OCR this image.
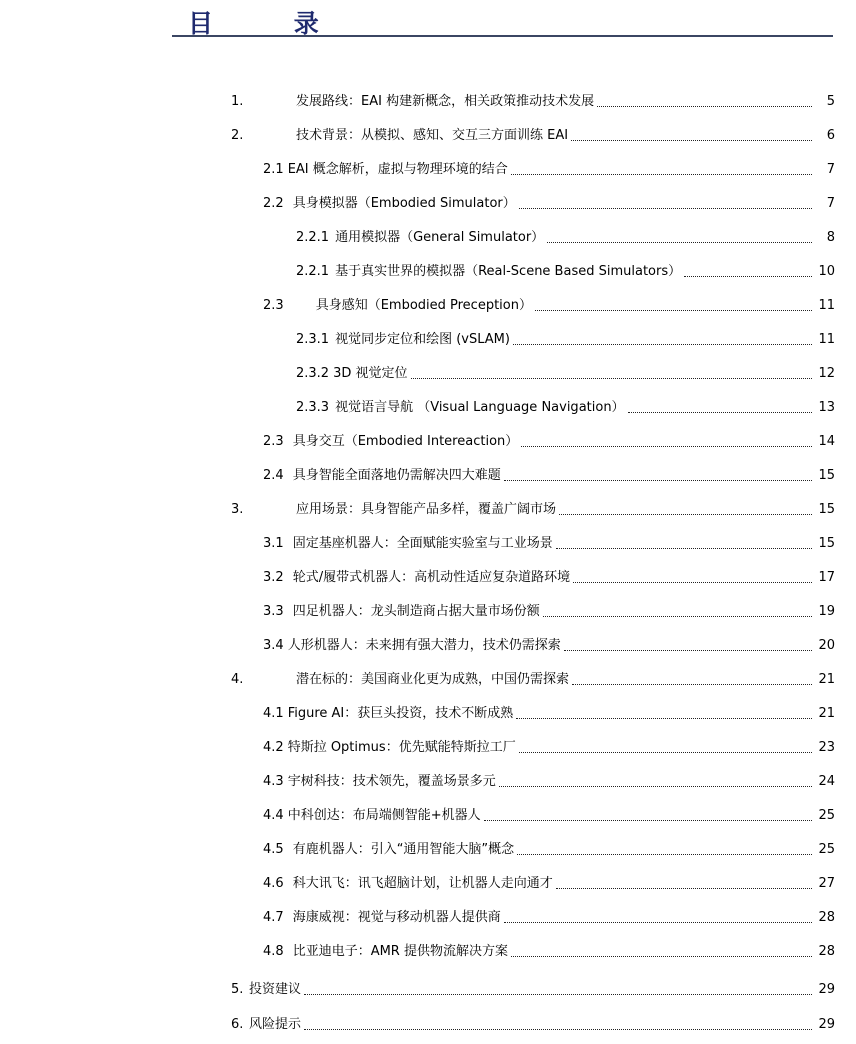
目 录
1.	发展路线：EAI 构建新概念，相关政策推动技术发展	5
2.	技术背景：从模拟、感知、交互三方面训练 EAI	6
2.1 EAI 概念解析，虚拟与物理环境的结合	7
2.2 具身模拟器（Embodied Simulator）	7
2.2.1 通用模拟器（General Simulator）	8
2.2.1 基于真实世界的模拟器（Real-Scene Based Simulators）	10
2.3 具身感知（Embodied Preception）	11
2.3.1 视觉同步定位和绘图 (vSLAM)	11
2.3.2 3D 视觉定位	12
2.3.3 视觉语言导航 （Visual Language Navigation）	13
2.3 具身交互（Embodied Intereaction）	14
2.4 具身智能全面落地仍需解决四大难题	15
3.	应用场景：具身智能产品多样，覆盖广阔市场	15
3.1 固定基座机器人：全面赋能实验室与工业场景	15
3.2 轮式/履带式机器人：高机动性适应复杂道路环境	17
3.3 四足机器人：龙头制造商占据大量市场份额	19
3.4 人形机器人：未来拥有强大潜力，技术仍需探索	20
4.	潜在标的：美国商业化更为成熟，中国仍需探索	21
4.1 Figure AI：获巨头投资，技术不断成熟	21
4.2 特斯拉 Optimus：优先赋能特斯拉工厂	23
4.3 宇树科技：技术领先，覆盖场景多元	24
4.4 中科创达：布局端侧智能+机器人	25
4.5 有鹿机器人：引入“通用智能大脑”概念	25
4.6 科大讯飞：讯飞超脑计划，让机器人走向通才	27
4.7 海康威视：视觉与移动机器人提供商	28
4.8 比亚迪电子：AMR 提供物流解决方案	28
5. 投资建议	29
6. 风险提示	29
